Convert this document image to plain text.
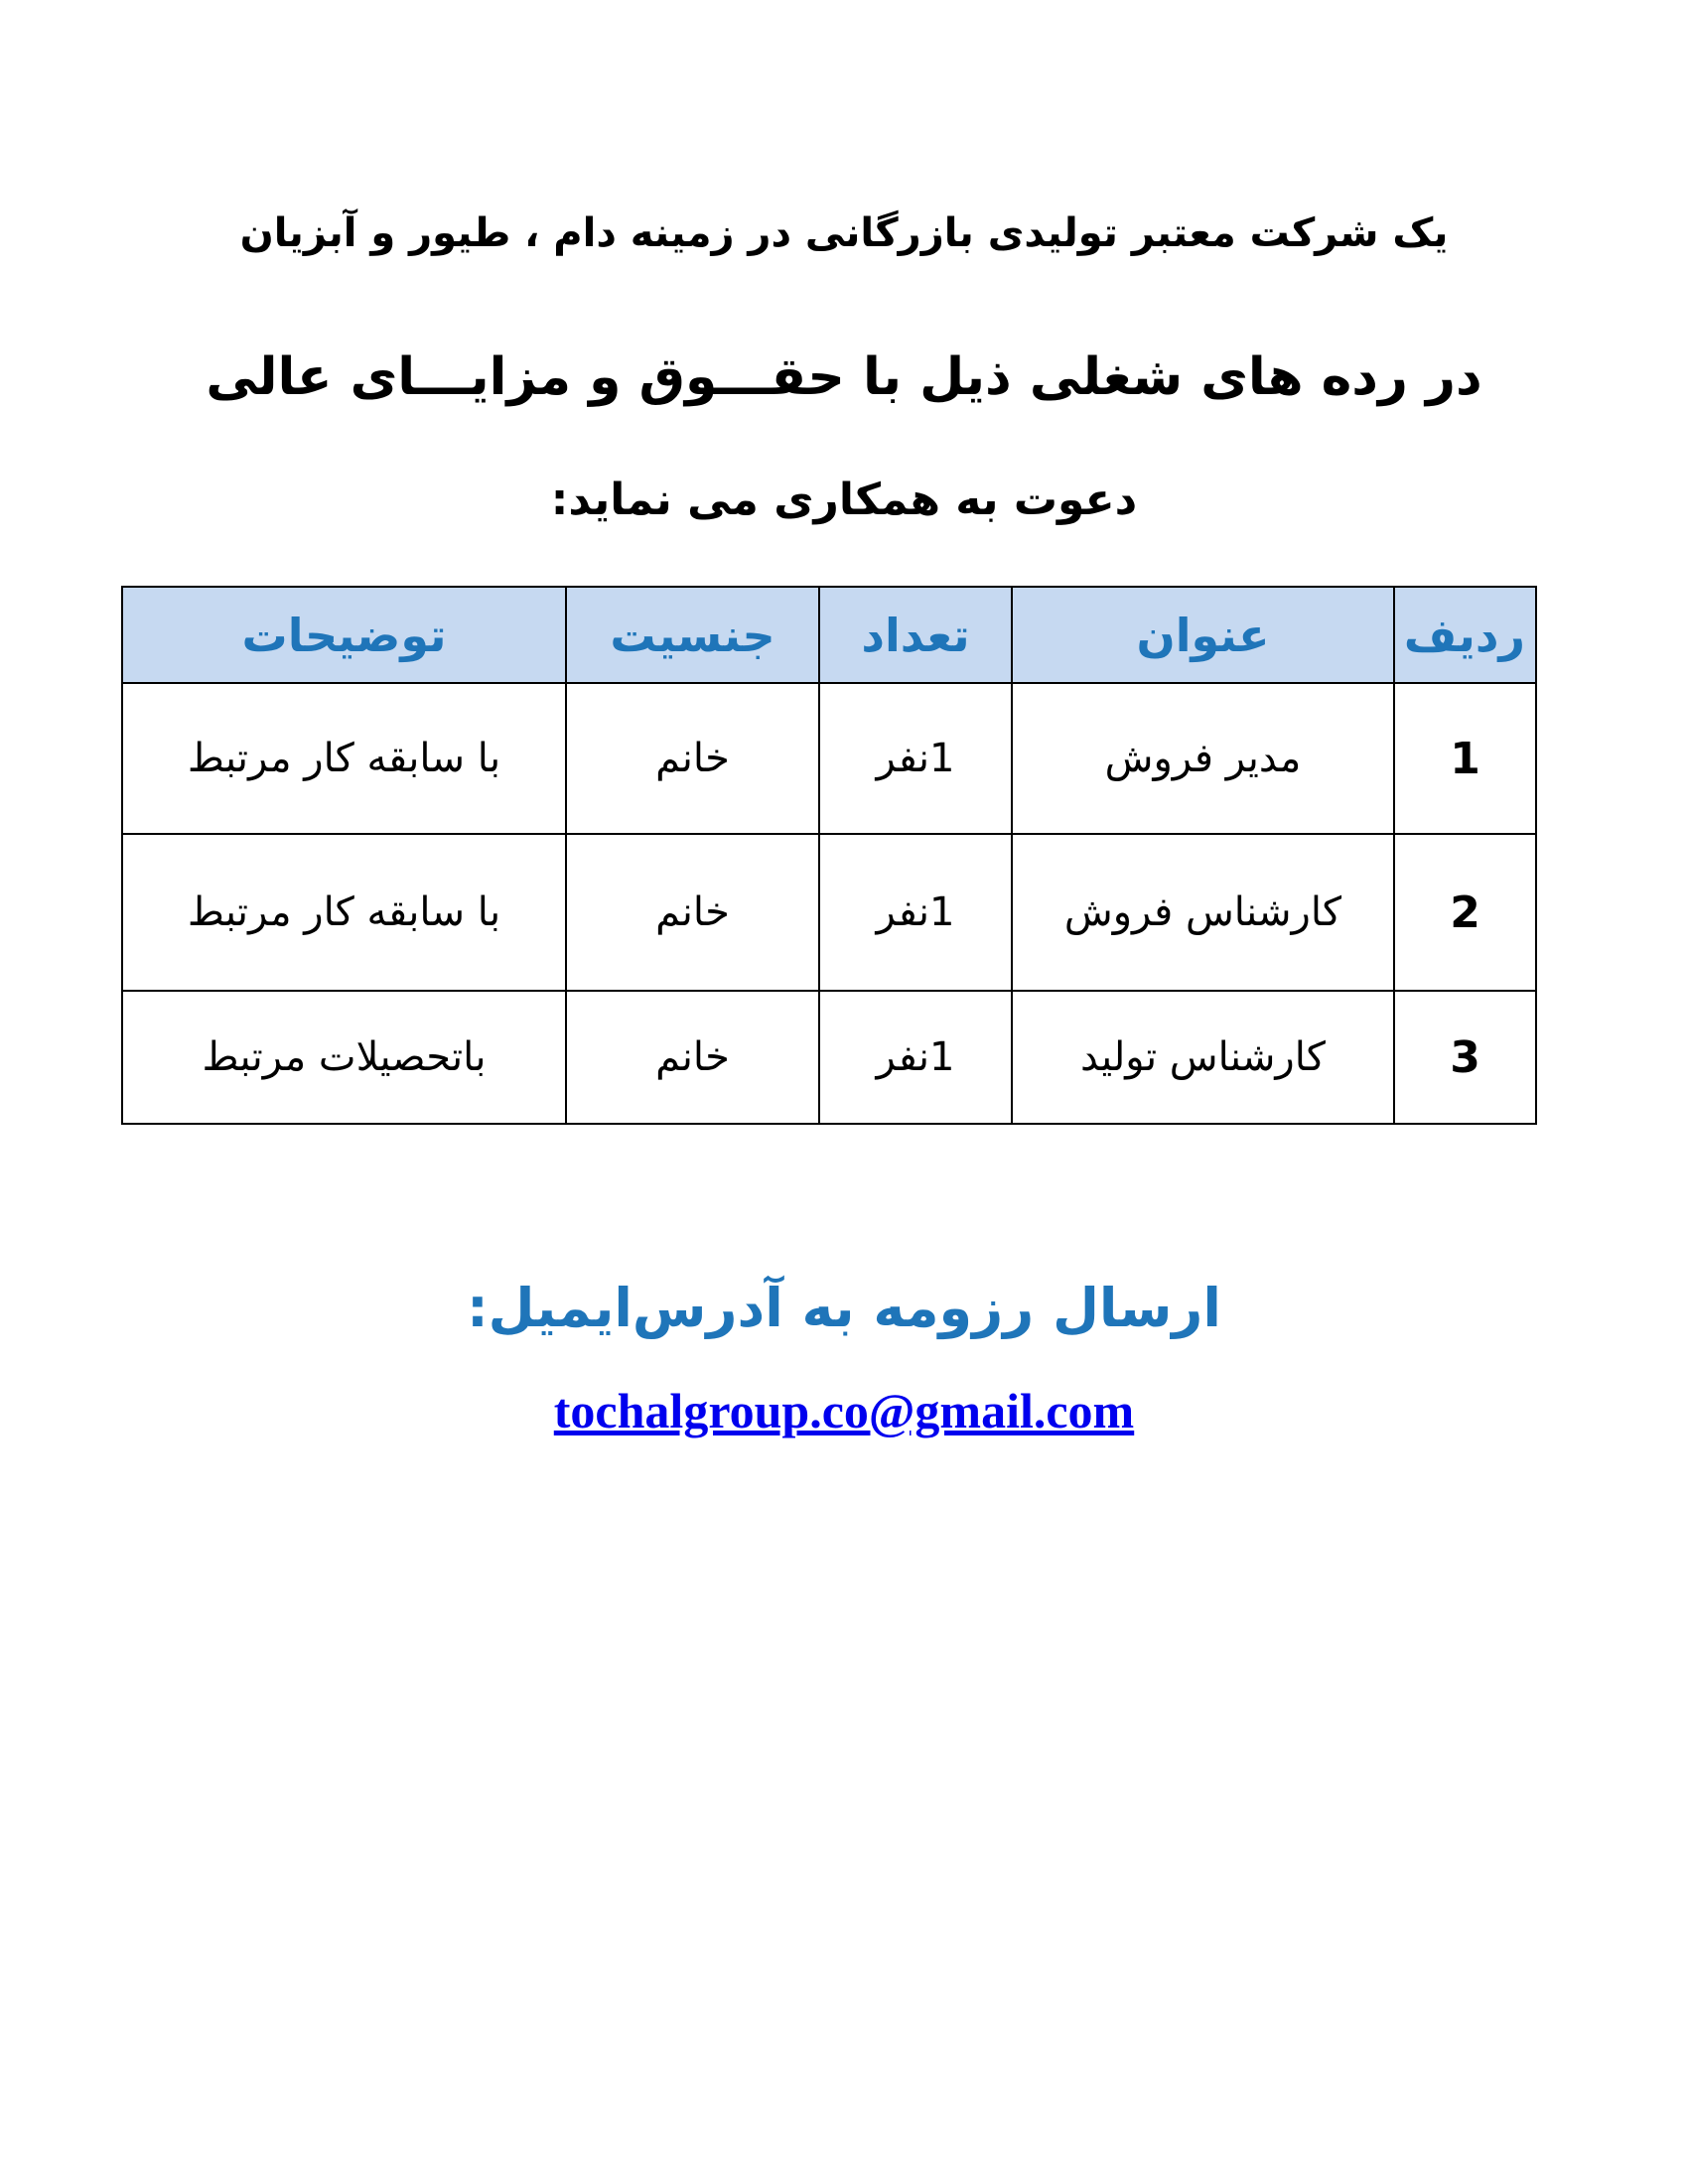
یک شرکت معتبر تولیدی بازرگانی در زمینه دام ، طیور و آبزیان
در رده های شغلی ذیل با حقـــوق و مزایـــای عالی
دعوت به همکاری می نماید:
ردیف	عنوان	تعداد	جنسیت	توضیحات
1	مدیر فروش	1نفر	خانم	با سابقه کار مرتبط
2	کارشناس فروش	1نفر	خانم	با سابقه کار مرتبط
3	کارشناس تولید	1نفر	خانم	باتحصیلات مرتبط
ارسال رزومه به آدرس‌ایمیل:
tochalgroup.co@gmail.com
